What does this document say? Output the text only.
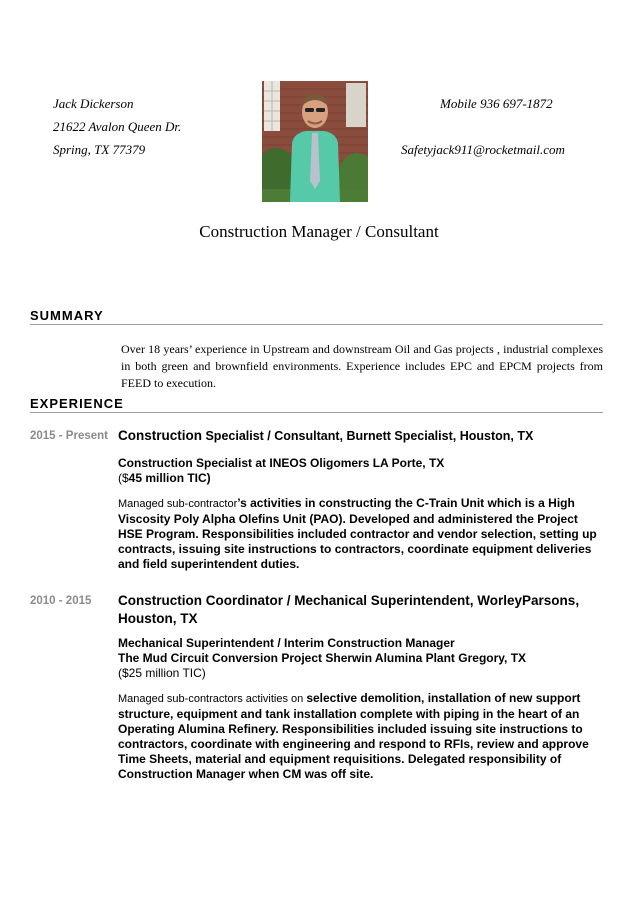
Jack Dickerson
21622 Avalon Queen Dr.
Spring, TX 77379
Mobile 936 697-1872
Safetyjack911@rocketmail.com
Construction Manager / Consultant
SUMMARY
Over 18 years’ experience in Upstream and downstream Oil and Gas projects , industrial complexes in both green and brownfield environments. Experience includes EPC and EPCM projects from FEED to execution.
EXPERIENCE
2015 - Present Construction Specialist / Consultant, Burnett Specialist, Houston, TX
Construction Specialist at INEOS Oligomers LA Porte, TX
($45 million TIC)
Managed sub-contractor’s activities in constructing the C-Train Unit which is a High Viscosity Poly Alpha Olefins Unit (PAO). Developed and administered the Project HSE Program. Responsibilities included contractor and vendor selection, setting up contracts, issuing site instructions to contractors, coordinate equipment deliveries and field superintendent duties.
2010 - 2015 Construction Coordinator / Mechanical Superintendent, WorleyParsons, Houston, TX
Mechanical Superintendent / Interim Construction Manager
The Mud Circuit Conversion Project Sherwin Alumina Plant Gregory, TX
($25 million TIC)
Managed sub-contractors activities on selective demolition, installation of new support structure, equipment and tank installation complete with piping in the heart of an Operating Alumina Refinery. Responsibilities included issuing site instructions to contractors, coordinate with engineering and respond to RFIs, review and approve Time Sheets, material and equipment requisitions. Delegated responsibility of Construction Manager when CM was off site.
